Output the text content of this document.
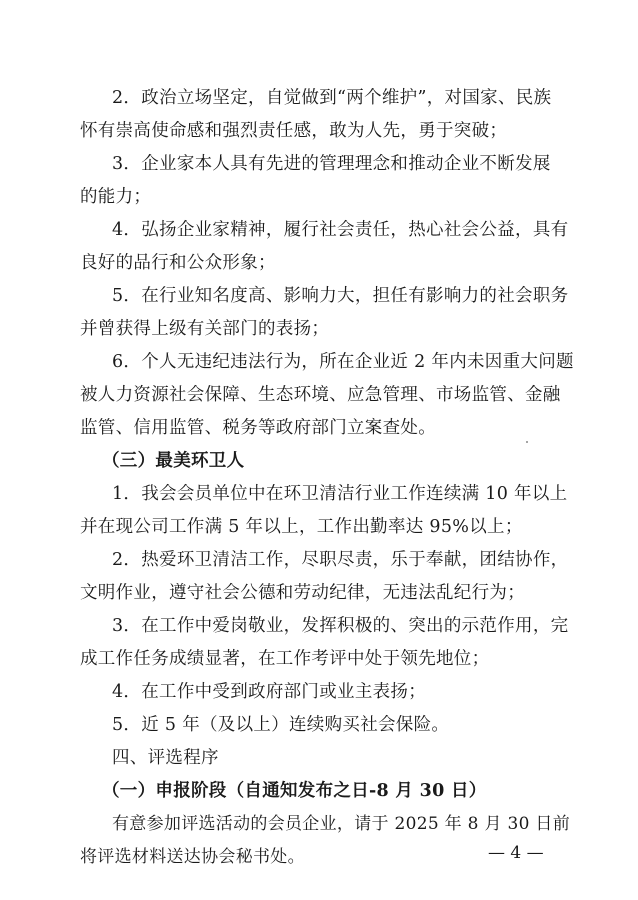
2．政治立场坚定，自觉做到“两个维护”，对国家、民族
怀有崇高使命感和强烈责任感，敢为人先，勇于突破；
3．企业家本人具有先进的管理理念和推动企业不断发展
的能力；
4．弘扬企业家精神，履行社会责任，热心社会公益，具有
良好的品行和公众形象；
5．在行业知名度高、影响力大，担任有影响力的社会职务
并曾获得上级有关部门的表扬；
6．个人无违纪违法行为，所在企业近 2 年内未因重大问题
被人力资源社会保障、生态环境、应急管理、市场监管、金融
监管、信用监管、税务等政府部门立案查处。
（三）最美环卫人
1．我会会员单位中在环卫清洁行业工作连续满 10 年以上
并在现公司工作满 5 年以上，工作出勤率达 95%以上；
2．热爱环卫清洁工作，尽职尽责，乐于奉献，团结协作，
文明作业，遵守社会公德和劳动纪律，无违法乱纪行为；
3．在工作中爱岗敬业，发挥积极的、突出的示范作用，完
成工作任务成绩显著，在工作考评中处于领先地位；
4．在工作中受到政府部门或业主表扬；
5．近 5 年（及以上）连续购买社会保险。
四、评选程序
（一）申报阶段（自通知发布之日-8 月 30 日）
有意参加评选活动的会员企业，请于 2025 年 8 月 30 日前
将评选材料送达协会秘书处。	— 4 —
